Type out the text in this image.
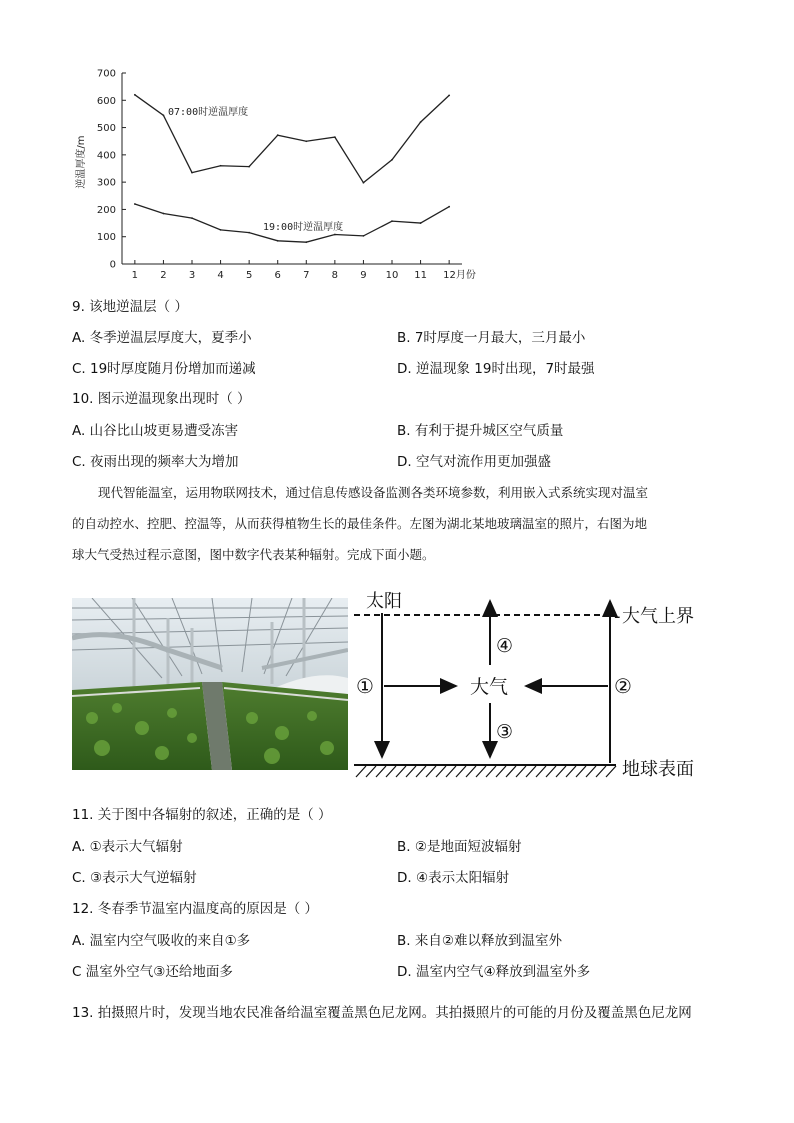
0
100
200
300
400
500
600
700
1 2 3 4 5 6 7 8 9 10 11 12月份
逆温厚度/m
07:00时逆温厚度
19:00时逆温厚度
9. 该地逆温层（ ）
A. 冬季逆温层厚度大，夏季小	B. 7时厚度一月最大，三月最小
C. 19时厚度随月份增加而递减	D. 逆温现象 19时出现，7时最强
10. 图示逆温现象出现时（ ）
A. 山谷比山坡更易遭受冻害	B. 有利于提升城区空气质量
C. 夜雨出现的频率大为增加	D. 空气对流作用更加强盛
现代智能温室，运用物联网技术，通过信息传感设备监测各类环境参数，利用嵌入式系统实现对温室
的自动控水、控肥、控温等，从而获得植物生长的最佳条件。左图为湖北某地玻璃温室的照片，右图为地
球大气受热过程示意图，图中数字代表某种辐射。完成下面小题。
太阳
大气上界
-
大气
地球表面
①	②
③
④
11. 关于图中各辐射的叙述，正确的是（ ）
A. ①表示大气辐射	B. ②是地面短波辐射
C. ③表示大气逆辐射	D. ④表示太阳辐射
12. 冬春季节温室内温度高的原因是（ ）
A. 温室内空气吸收的来自①多	B. 来自②难以释放到温室外
C 温室外空气③还给地面多	D. 温室内空气④释放到温室外多
13. 拍摄照片时，发现当地农民准备给温室覆盖黑色尼龙网。其拍摄照片的可能的月份及覆盖黑色尼龙网
